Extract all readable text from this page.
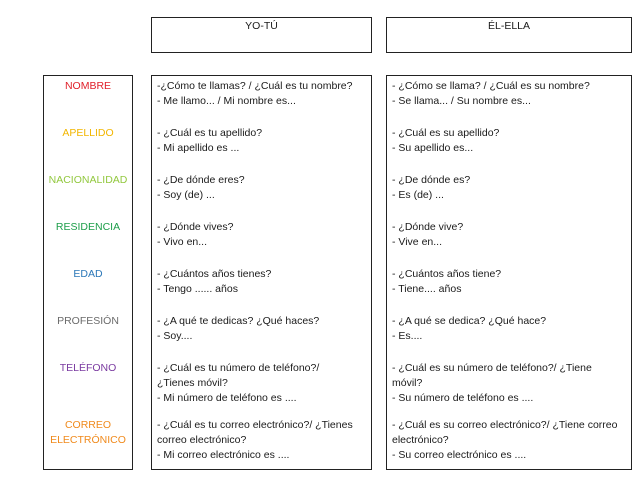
YO-TÚ	ÉL-ELLA
NOMBRE
APELLIDO
NACIONALIDAD
RESIDENCIA
EDAD
PROFESIÓN
TELÉFONO
CORREO
ELECTRÓNICO
-¿Cómo te llamas? / ¿Cuál es tu nombre?
- Me llamo... / Mi nombre es...
- ¿Cuál es tu apellido?
- Mi apellido es ...
- ¿De dónde eres?
- Soy (de) ...
- ¿Dónde vives?
- Vivo en...
- ¿Cuántos años tienes?
- Tengo ...... años
- ¿A qué te dedicas? ¿Qué haces?
- Soy....
- ¿Cuál es tu número de teléfono?/
¿Tienes móvil?
- Mi número de teléfono es ....
- ¿Cuál es tu correo electrónico?/ ¿Tienes
correo electrónico?
- Mi correo electrónico es ....
- ¿Cómo se llama? / ¿Cuál es su nombre?
- Se llama... / Su nombre es...
- ¿Cuál es su apellido?
- Su apellido es...
- ¿De dónde es?
- Es (de) ...
- ¿Dónde vive?
- Vive en...
- ¿Cuántos años tiene?
- Tiene.... años
- ¿A qué se dedica? ¿Qué hace?
- Es....
- ¿Cuál es su número de teléfono?/ ¿Tiene
móvil?
- Su número de teléfono es ....
- ¿Cuál es su correo electrónico?/ ¿Tiene correo
electrónico?
- Su correo electrónico es ....
